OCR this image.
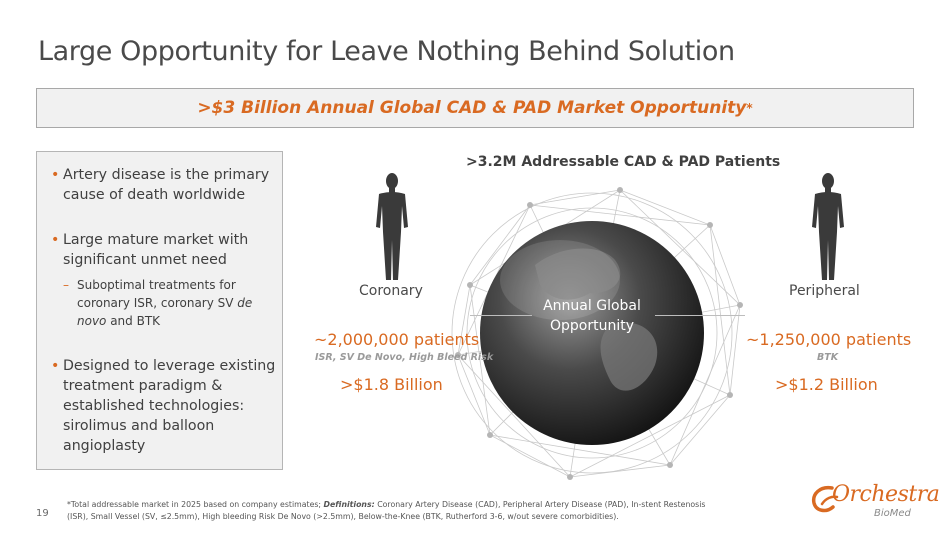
Large Opportunity for Leave Nothing Behind Solution
>$3 Billion Annual Global CAD & PAD Market Opportunity*
• Artery disease is the primary cause of death worldwide
• Large mature market with significant unmet need
– Suboptimal treatments for coronary ISR, coronary SV de novo and BTK
• Designed to leverage existing treatment paradigm & established technologies: sirolimus and balloon angioplasty
>3.2M Addressable CAD & PAD Patients
Annual Global Opportunity
Coronary
~2,000,000 patients
ISR, SV De Novo, High Bleed Risk
>$1.8 Billion
Peripheral
~1,250,000 patients
BTK
>$1.2 Billion
19
*Total addressable market in 2025 based on company estimates; Definitions: Coronary Artery Disease (CAD), Peripheral Artery Disease (PAD), In-stent Restenosis (ISR), Small Vessel (SV, ≤2.5mm), High bleeding Risk De Novo (>2.5mm), Below-the-Knee (BTK, Rutherford 3-6, w/out severe comorbidities).
Orchestra
BioMed
